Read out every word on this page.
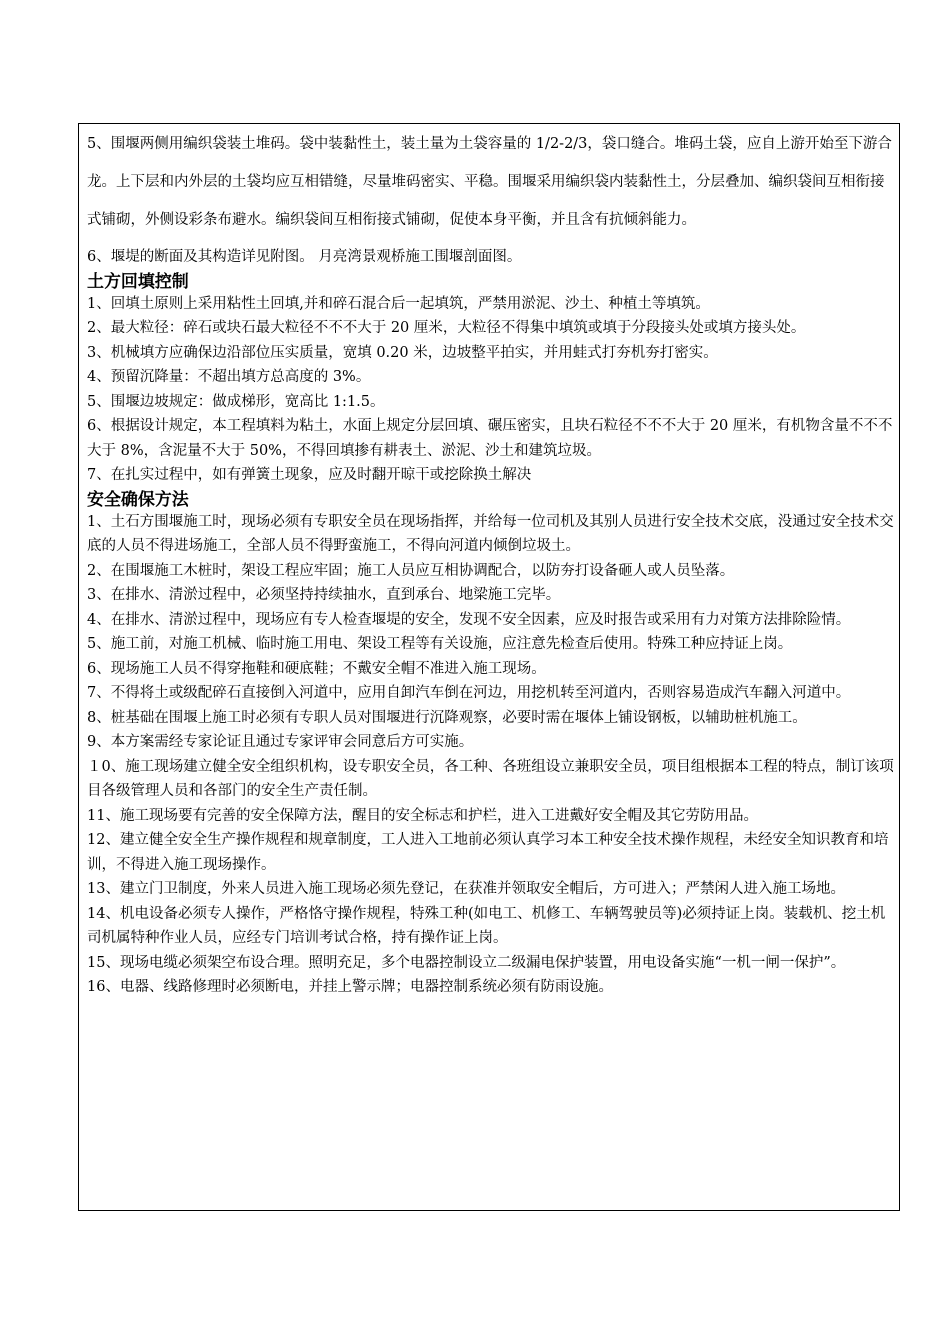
5、围堰两侧用编织袋装土堆码。袋中装黏性土，装土量为土袋容量的 1/2-2/3，袋口缝合。堆码土袋，应自上游开始至下游合龙。上下层和内外层的土袋均应互相错缝，尽量堆码密实、平稳。围堰采用编织袋内装黏性土，分层叠加、编织袋间互相衔接式铺砌，外侧设彩条布避水。编织袋间互相衔接式铺砌，促使本身平衡，并且含有抗倾斜能力。

6、堰堤的断面及其构造详见附图。 月亮湾景观桥施工围堰剖面图。

土方回填控制

1、回填土原则上采用粘性土回填,并和碎石混合后一起填筑，严禁用淤泥、沙土、种植土等填筑。

2、最大粒径：碎石或块石最大粒径不不不大于 20 厘米，大粒径不得集中填筑或填于分段接头处或填方接头处。

3、机械填方应确保边沿部位压实质量，宽填 0.20 米，边坡整平拍实，并用蛙式打夯机夯打密实。

4、预留沉降量：不超出填方总高度的 3%。

5、围堰边坡规定：做成梯形，宽高比 1:1.5。

6、根据设计规定，本工程填料为粘土，水面上规定分层回填、碾压密实，且块石粒径不不不大于 20 厘米，有机物含量不不不大于 8%，含泥量不大于 50%，不得回填掺有耕表土、淤泥、沙土和建筑垃圾。

7、在扎实过程中，如有弹簧土现象，应及时翻开晾干或挖除换土解决

安全确保方法

1、土石方围堰施工时，现场必须有专职安全员在现场指挥，并给每一位司机及其别人员进行安全技术交底，没通过安全技术交底的人员不得进场施工，全部人员不得野蛮施工，不得向河道内倾倒垃圾土。

2、在围堰施工木桩时，架设工程应牢固；施工人员应互相协调配合，以防夯打设备砸人或人员坠落。

3、在排水、清淤过程中，必须坚持持续抽水，直到承台、地梁施工完毕。

4、在排水、清淤过程中，现场应有专人检查堰堤的安全，发现不安全因素，应及时报告或采用有力对策方法排除险情。

5、施工前，对施工机械、临时施工用电、架设工程等有关设施，应注意先检查后使用。特殊工种应持证上岗。

6、现场施工人员不得穿拖鞋和硬底鞋；不戴安全帽不准进入施工现场。

7、不得将土或级配碎石直接倒入河道中，应用自卸汽车倒在河边，用挖机转至河道内，否则容易造成汽车翻入河道中。

8、桩基础在围堰上施工时必须有专职人员对围堰进行沉降观察，必要时需在堰体上铺设钢板，以辅助桩机施工。

9、本方案需经专家论证且通过专家评审会同意后方可实施。

１0、施工现场建立健全安全组织机构，设专职安全员，各工种、各班组设立兼职安全员，项目组根据本工程的特点，制订该项目各级管理人员和各部门的安全生产责任制。

11、施工现场要有完善的安全保障方法，醒目的安全标志和护栏，进入工进戴好安全帽及其它劳防用品。

12、建立健全安全生产操作规程和规章制度，工人进入工地前必须认真学习本工种安全技术操作规程，未经安全知识教育和培训，不得进入施工现场操作。

13、建立门卫制度，外来人员进入施工现场必须先登记，在获准并领取安全帽后，方可进入；严禁闲人进入施工场地。

14、机电设备必须专人操作，严格恪守操作规程，特殊工种(如电工、机修工、车辆驾驶员等)必须持证上岗。装载机、挖土机司机属特种作业人员，应经专门培训考试合格，持有操作证上岗。

15、现场电缆必须架空布设合理。照明充足，多个电器控制设立二级漏电保护装置，用电设备实施“一机一闸一保护”。

16、电器、线路修理时必须断电，并挂上警示牌；电器控制系统必须有防雨设施。
